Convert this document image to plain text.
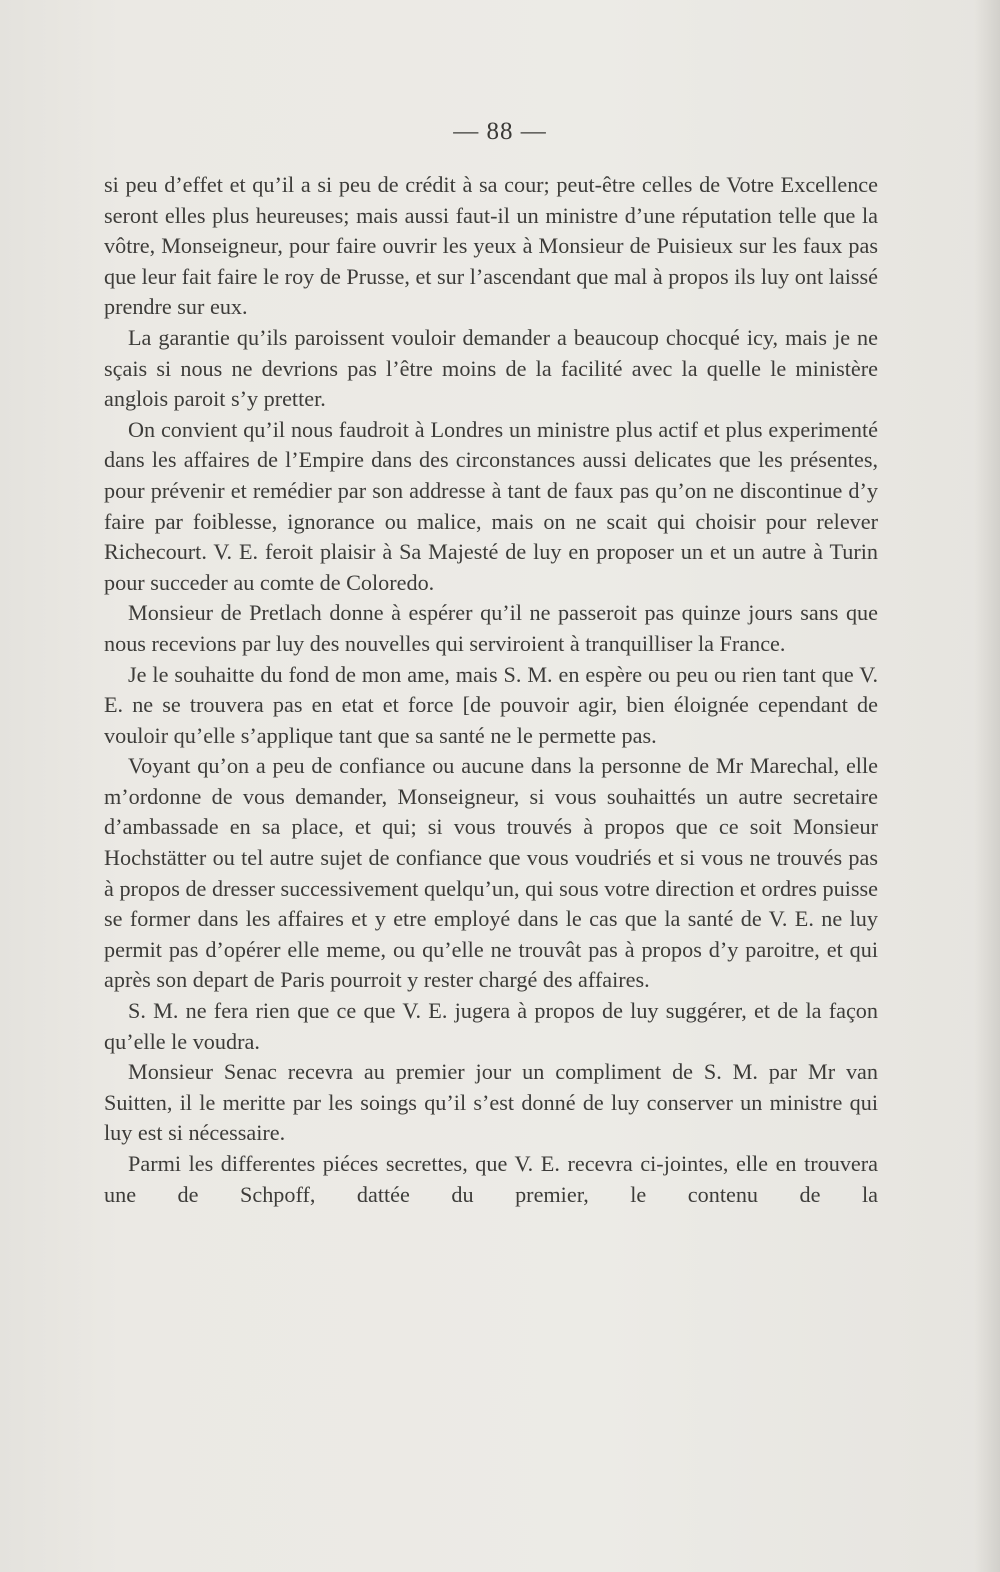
— 88 —

si peu d’effet et qu’il a si peu de crédit à sa cour; peut-être celles de Votre Excellence seront elles plus heureuses; mais aussi faut-il un ministre d’une réputation telle que la vôtre, Monseigneur, pour faire ouvrir les yeux à Monsieur de Puisieux sur les faux pas que leur fait faire le roy de Prusse, et sur l’ascendant que mal à propos ils luy ont laissé prendre sur eux.

La garantie qu’ils paroissent vouloir demander a beaucoup chocqué icy, mais je ne sçais si nous ne devrions pas l’être moins de la facilité avec la quelle le ministère anglois paroit s’y pretter.

On convient qu’il nous faudroit à Londres un ministre plus actif et plus experimenté dans les affaires de l’Empire dans des circonstances aussi delicates que les présentes, pour prévenir et remédier par son addresse à tant de faux pas qu’on ne discontinue d’y faire par foiblesse, ignorance ou malice, mais on ne scait qui choisir pour relever Richecourt. V. E. feroit plaisir à Sa Majesté de luy en proposer un et un autre à Turin pour succeder au comte de Coloredo.

Monsieur de Pretlach donne à espérer qu’il ne passeroit pas quinze jours sans que nous recevions par luy des nouvelles qui serviroient à tranquilliser la France.

Je le souhaitte du fond de mon ame, mais S. M. en espère ou peu ou rien tant que V. E. ne se trouvera pas en etat et force [de pouvoir agir, bien éloignée cependant de vouloir qu’elle s’applique tant que sa santé ne le permette pas.

Voyant qu’on a peu de confiance ou aucune dans la personne de Mr Marechal, elle m’ordonne de vous demander, Monseigneur, si vous souhaittés un autre secretaire d’ambassade en sa place, et qui; si vous trouvés à propos que ce soit Monsieur Hochstätter ou tel autre sujet de confiance que vous voudriés et si vous ne trouvés pas à propos de dresser successivement quelqu’un, qui sous votre direction et ordres puisse se former dans les affaires et y etre employé dans le cas que la santé de V. E. ne luy permit pas d’opérer elle meme, ou qu’elle ne trouvât pas à propos d’y paroitre, et qui après son depart de Paris pourroit y rester chargé des affaires.

S. M. ne fera rien que ce que V. E. jugera à propos de luy suggérer, et de la façon qu’elle le voudra.

Monsieur Senac recevra au premier jour un compliment de S. M. par Mr van Suitten, il le meritte par les soings qu’il s’est donné de luy conserver un ministre qui luy est si nécessaire.

Parmi les differentes piéces secrettes, que V. E. recevra ci-jointes, elle en trouvera une de Schpoff, dattée du premier, le contenu de la
